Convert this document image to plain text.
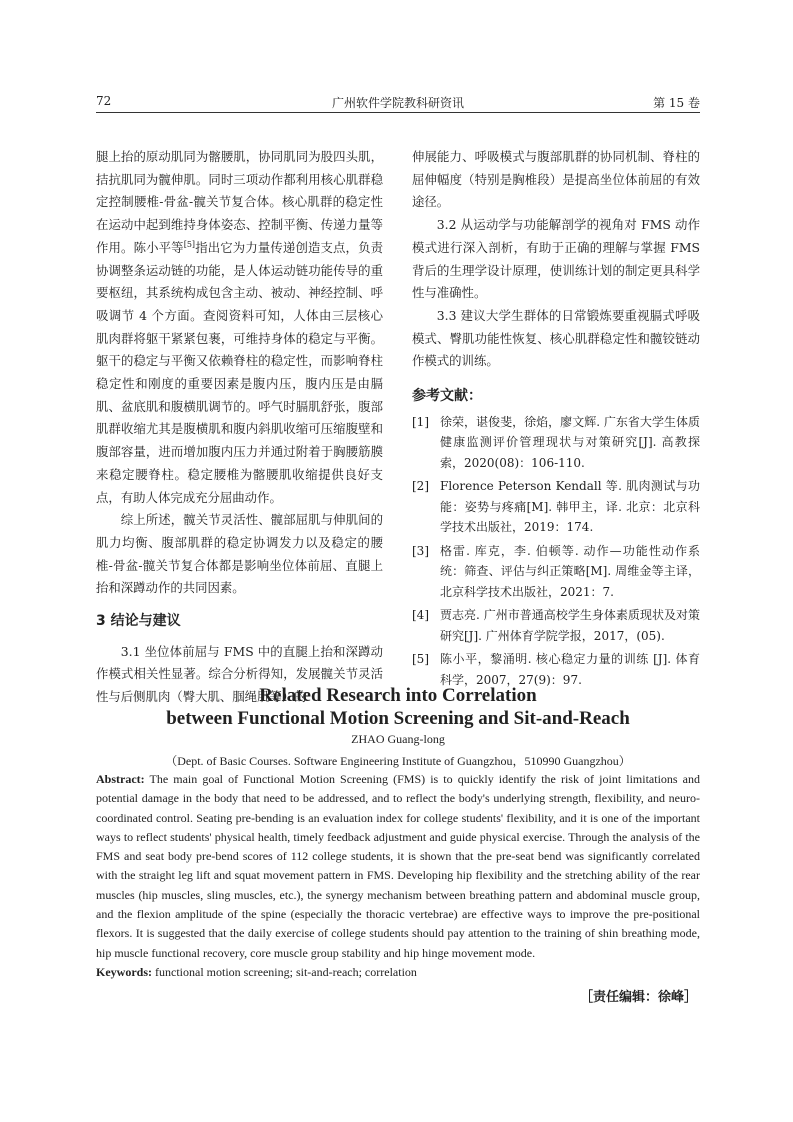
72	广州软件学院教科研资讯	第 15 卷

腿上抬的原动肌同为髂腰肌，协同肌同为股四头肌，拮抗肌同为髋伸肌。同时三项动作都利用核心肌群稳定控制腰椎-骨盆-髋关节复合体。核心肌群的稳定性在运动中起到维持身体姿态、控制平衡、传递力量等作用。陈小平等[5]指出它为力量传递创造支点，负责协调整条运动链的功能，是人体运动链功能传导的重要枢纽，其系统构成包含主动、被动、神经控制、呼吸调节 4 个方面。查阅资料可知，人体由三层核心肌肉群将躯干紧紧包裹，可维持身体的稳定与平衡。躯干的稳定与平衡又依赖脊柱的稳定性，而影响脊柱稳定性和刚度的重要因素是腹内压，腹内压是由膈肌、盆底肌和腹横肌调节的。呼气时膈肌舒张，腹部肌群收缩尤其是腹横肌和腹内斜肌收缩可压缩腹壁和腹部容量，进而增加腹内压力并通过附着于胸腰筋膜来稳定腰脊柱。稳定腰椎为髂腰肌收缩提供良好支点，有助人体完成充分屈曲动作。

综上所述，髋关节灵活性、髋部屈肌与伸肌间的肌力均衡、腹部肌群的稳定协调发力以及稳定的腰椎-骨盆-髋关节复合体都是影响坐位体前屈、直腿上抬和深蹲动作的共同因素。

3 结论与建议

3.1 坐位体前屈与 FMS 中的直腿上抬和深蹲动作模式相关性显著。综合分析得知，发展髋关节灵活性与后侧肌肉（臀大肌、腘绳肌等）的

伸展能力、呼吸模式与腹部肌群的协同机制、脊柱的屈伸幅度（特别是胸椎段）是提高坐位体前屈的有效途径。

3.2 从运动学与功能解剖学的视角对 FMS 动作模式进行深入剖析，有助于正确的理解与掌握 FMS 背后的生理学设计原理，使训练计划的制定更具科学性与准确性。

3.3 建议大学生群体的日常锻炼要重视膈式呼吸模式、臀肌功能性恢复、核心肌群稳定性和髋铰链动作模式的训练。

参考文献：
[1] 徐荣，谌俊斐，徐焰，廖文辉. 广东省大学生体质健康监测评价管理现状与对策研究[J]. 高教探索，2020(08)：106-110.
[2] Florence Peterson Kendall 等. 肌肉测试与功能：姿势与疼痛[M]. 韩甲主，译. 北京：北京科学技术出版社，2019：174.
[3] 格雷. 库克，李. 伯顿等. 动作—功能性动作系统：筛查、评估与纠正策略[M]. 周维金等主译，北京科学技术出版社，2021：7.
[4] 贾志亮. 广州市普通高校学生身体素质现状及对策研究[J]. 广州体育学院学报，2017，(05).
[5] 陈小平，黎涌明. 核心稳定力量的训练 [J]. 体育科学，2007，27(9)：97.
Related Research into Correlation
between Functional Motion Screening and Sit-and-Reach
ZHAO Guang-long
（Dept. of Basic Courses. Software Engineering Institute of Guangzhou，510990 Guangzhou）
Abstract: The main goal of Functional Motion Screening (FMS) is to quickly identify the risk of joint limitations and potential damage in the body that need to be addressed, and to reflect the body's underlying strength, flexibility, and neuro-coordinated control. Seating pre-bending is an evaluation index for college students' flexibility, and it is one of the important ways to reflect students' physical health, timely feedback adjustment and guide physical exercise. Through the analysis of the FMS and seat body pre-bend scores of 112 college students, it is shown that the pre-seat bend was significantly correlated with the straight leg lift and squat movement pattern in FMS. Developing hip flexibility and the stretching ability of the rear muscles (hip muscles, sling muscles, etc.), the synergy mechanism between breathing pattern and abdominal muscle group, and the flexion amplitude of the spine (especially the thoracic vertebrae) are effective ways to improve the pre-positional flexors. It is suggested that the daily exercise of college students should pay attention to the training of shin breathing mode, hip muscle functional recovery, core muscle group stability and hip hinge movement mode.
Keywords: functional motion screening; sit-and-reach; correlation
［责任编辑：徐峰］
